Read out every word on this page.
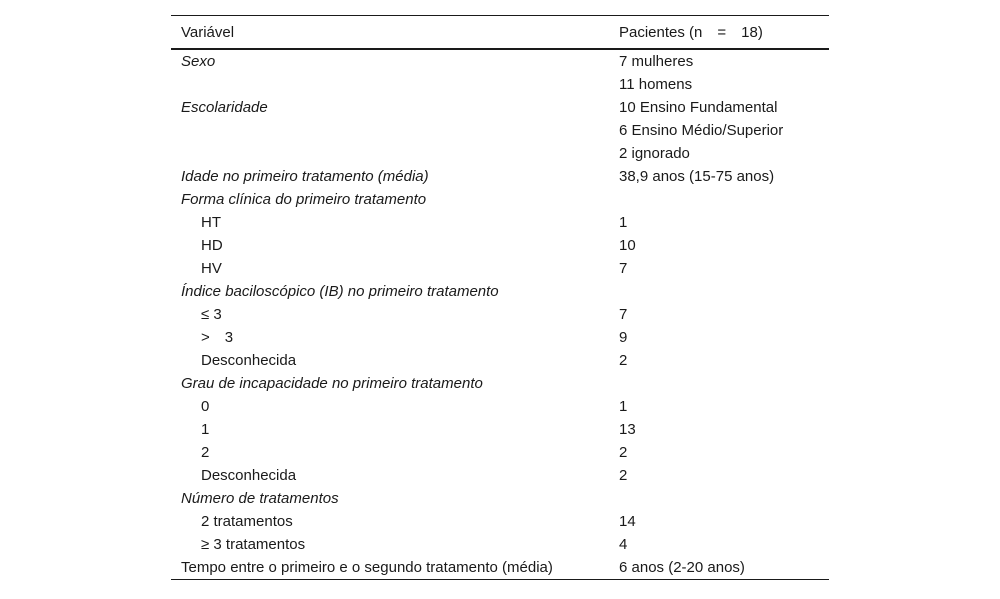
Variável	Pacientes (n = 18)
Sexo	7 mulheres
	11 homens
Escolaridade	10 Ensino Fundamental
	6 Ensino Médio/Superior
	2 ignorado
Idade no primeiro tratamento (média)	38,9 anos (15-75 anos)
Forma clínica do primeiro tratamento	
HT	1
HD	10
HV	7
Índice baciloscópico (IB) no primeiro tratamento	
≤ 3	7
> 3	9
Desconhecida	2
Grau de incapacidade no primeiro tratamento	
0	1
1	13
2	2
Desconhecida	2
Número de tratamentos	
2 tratamentos	14
≥ 3 tratamentos	4
Tempo entre o primeiro e o segundo tratamento (média)	6 anos (2-20 anos)
